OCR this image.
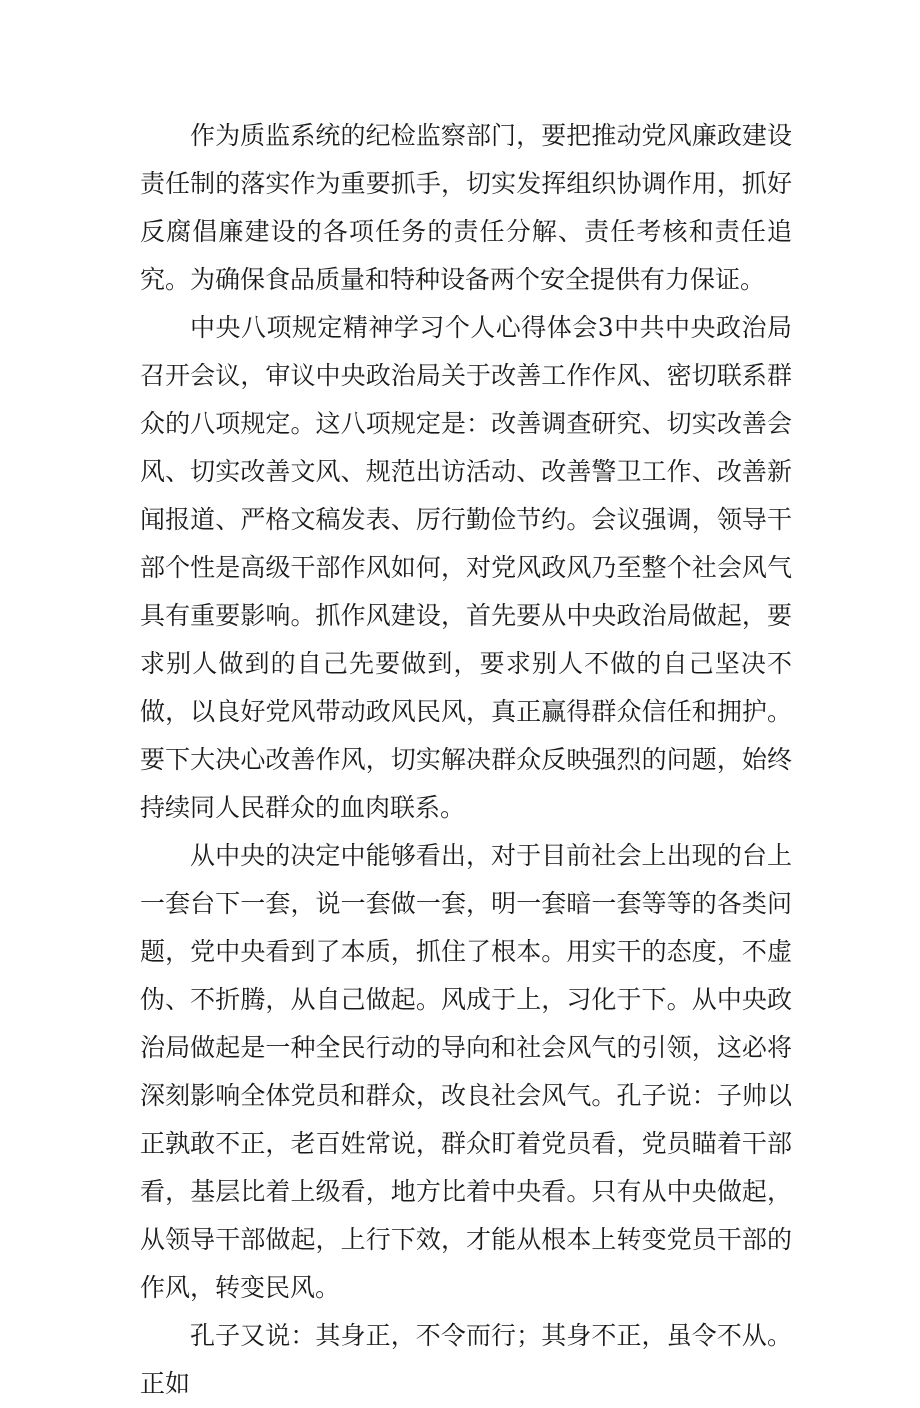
作为质监系统的纪检监察部门，要把推动党风廉政建设责任制的落实作为重要抓手，切实发挥组织协调作用，抓好反腐倡廉建设的各项任务的责任分解、责任考核和责任追究。为确保食品质量和特种设备两个安全提供有力保证。

中央八项规定精神学习个人心得体会3中共中央政治局召开会议，审议中央政治局关于改善工作作风、密切联系群众的八项规定。这八项规定是：改善调查研究、切实改善会风、切实改善文风、规范出访活动、改善警卫工作、改善新闻报道、严格文稿发表、厉行勤俭节约。会议强调，领导干部个性是高级干部作风如何，对党风政风乃至整个社会风气具有重要影响。抓作风建设，首先要从中央政治局做起，要求别人做到的自己先要做到，要求别人不做的自己坚决不做，以良好党风带动政风民风，真正赢得群众信任和拥护。要下大决心改善作风，切实解决群众反映强烈的问题，始终持续同人民群众的血肉联系。

从中央的决定中能够看出，对于目前社会上出现的台上一套台下一套，说一套做一套，明一套暗一套等等的各类问题，党中央看到了本质，抓住了根本。用实干的态度，不虚伪、不折腾，从自己做起。风成于上，习化于下。从中央政治局做起是一种全民行动的导向和社会风气的引领，这必将深刻影响全体党员和群众，改良社会风气。孔子说：子帅以正孰敢不正，老百姓常说，群众盯着党员看，党员瞄着干部看，基层比着上级看，地方比着中央看。只有从中央做起，从领导干部做起，上行下效，才能从根本上转变党员干部的作风，转变民风。

孔子又说：其身正，不令而行；其身不正，虽令不从。正如
